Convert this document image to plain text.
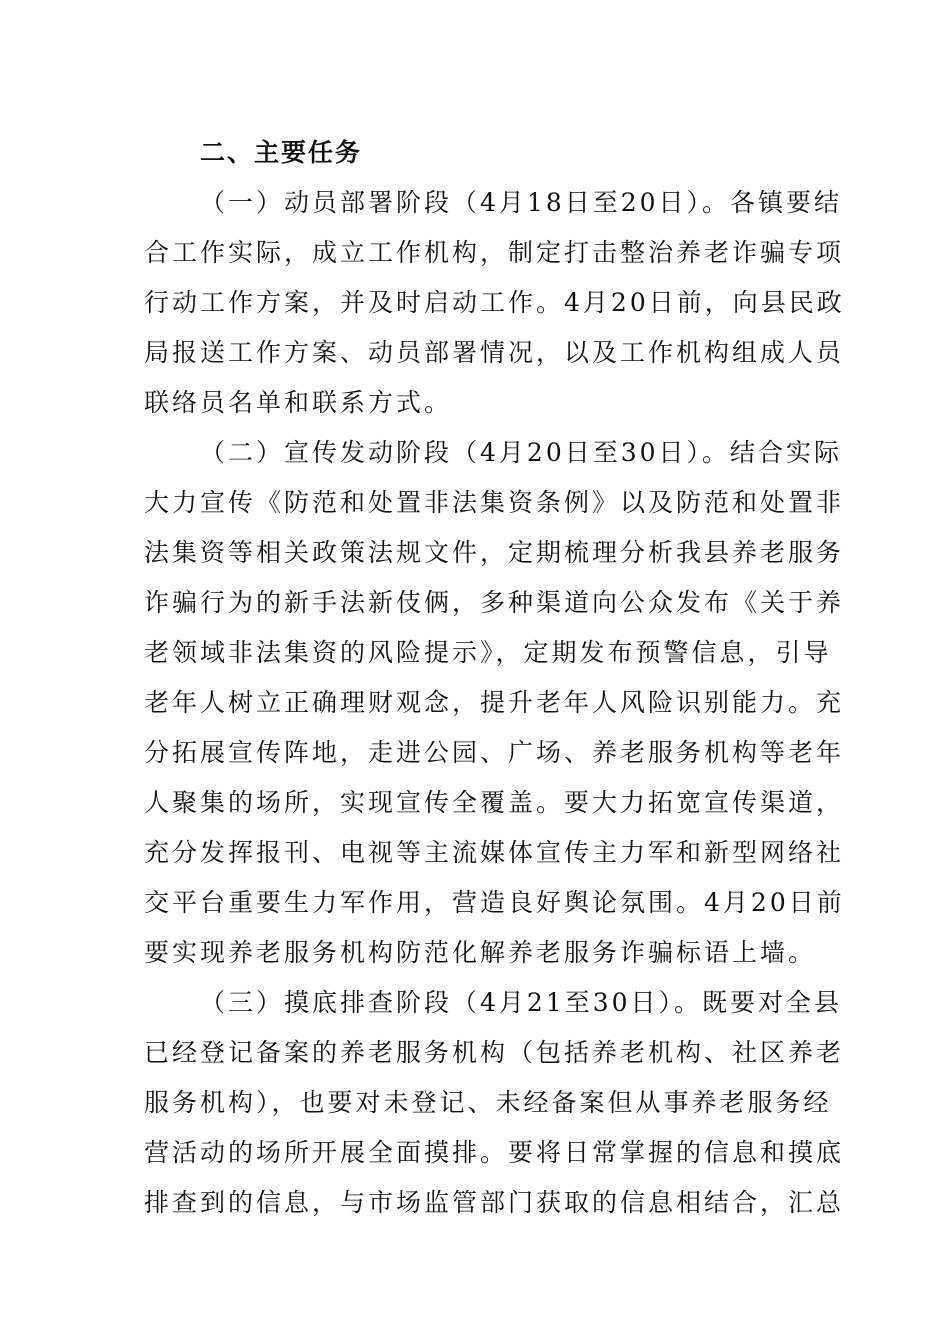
二、主要任务
（一）动员部署阶段（4月18日至20日）。各镇要结
合工作实际，成立工作机构，制定打击整治养老诈骗专项
行动工作方案，并及时启动工作。4月20日前，向县民政
局报送工作方案、动员部署情况，以及工作机构组成人员
联络员名单和联系方式。
（二）宣传发动阶段（4月20日至30日）。结合实际
大力宣传《防范和处置非法集资条例》以及防范和处置非
法集资等相关政策法规文件，定期梳理分析我县养老服务
诈骗行为的新手法新伎俩，多种渠道向公众发布《关于养
老领域非法集资的风险提示》，定期发布预警信息，引导
老年人树立正确理财观念，提升老年人风险识别能力。充
分拓展宣传阵地，走进公园、广场、养老服务机构等老年
人聚集的场所，实现宣传全覆盖。要大力拓宽宣传渠道，
充分发挥报刊、电视等主流媒体宣传主力军和新型网络社
交平台重要生力军作用，营造良好舆论氛围。4月20日前
要实现养老服务机构防范化解养老服务诈骗标语上墙。
（三）摸底排查阶段（4月21至30日）。既要对全县
已经登记备案的养老服务机构（包括养老机构、社区养老
服务机构），也要对未登记、未经备案但从事养老服务经
营活动的场所开展全面摸排。要将日常掌握的信息和摸底
排查到的信息，与市场监管部门获取的信息相结合，汇总
